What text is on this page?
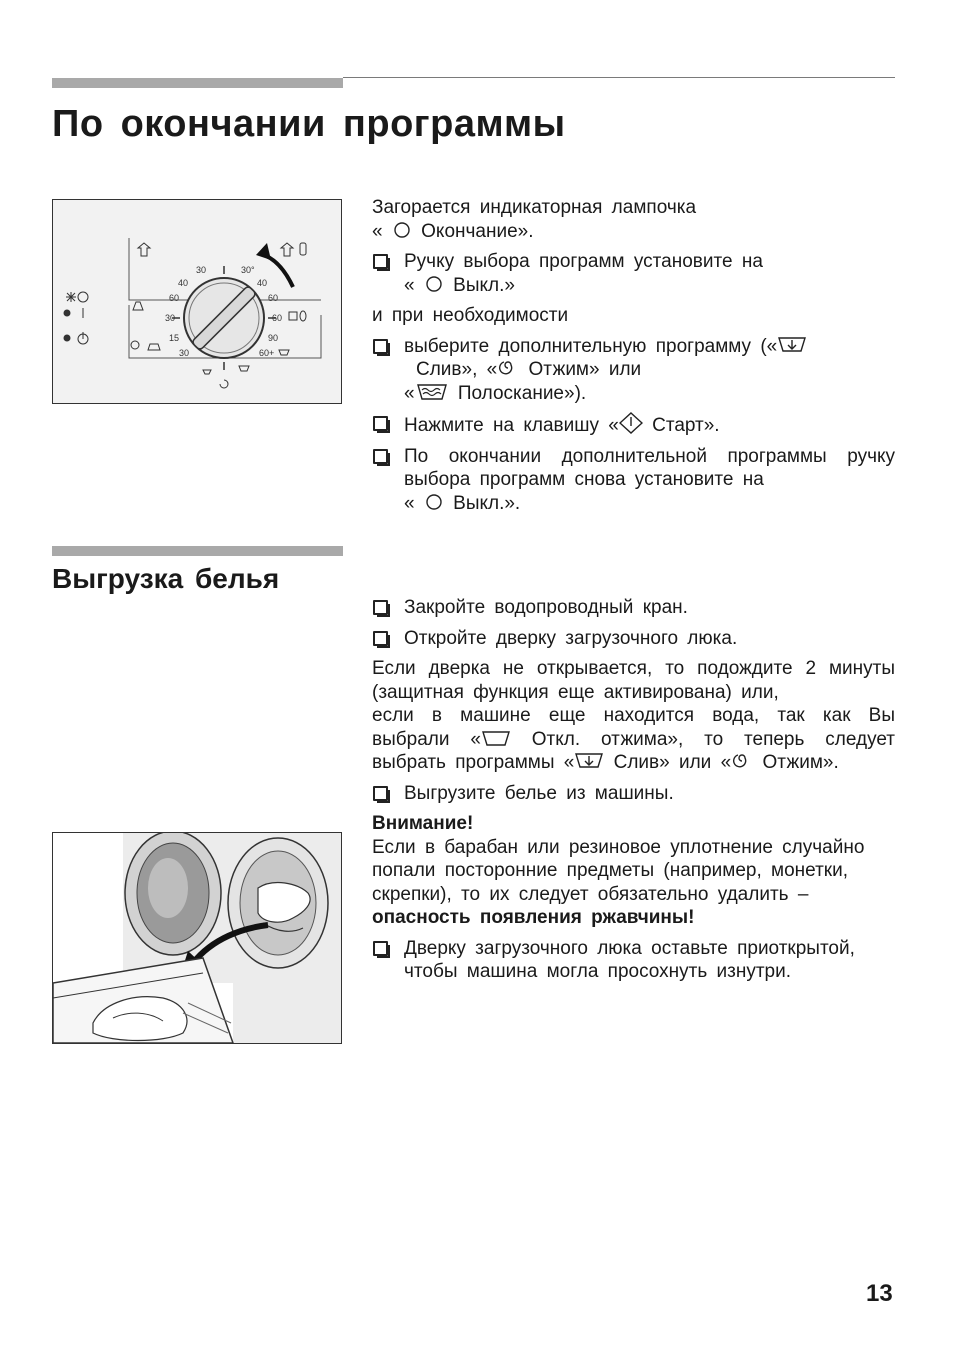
По окончании программы
30	30°
40	40
60	60
30	60
15	90
30	60+

Загорается индикаторная лампочка
« Окончание».

Ручку выбора программ установите на
« Выкл.»

и при необходимости

выберите дополнительную программу («
Слив», « Отжим» или
« Полоскание»).
Нажмите на клавишу « Старт».
По окончании дополнительной программы ручку выбора программ снова установите на
« Выкл.».
Выгрузка белья
Закройте водопроводный кран.
Откройте дверку загрузочного люка.

Если дверка не открывается, то подождите 2 минуты (защитная функция еще активирована) или,

если в машине еще находится вода, так как Вы выбрали «	Откл. отжима», то теперь следует выбрать программы « Слив» или « Отжим».

Выгрузите белье из машины.

Внимание!
Если в барабан или резиновое уплотнение случайно попали посторонние предметы (например, монетки, скрепки), то их следует обязательно удалить – опасность появления ржавчины!

Дверку загрузочного люка оставьте приоткрытой, чтобы машина могла просохнуть изнутри.
13
